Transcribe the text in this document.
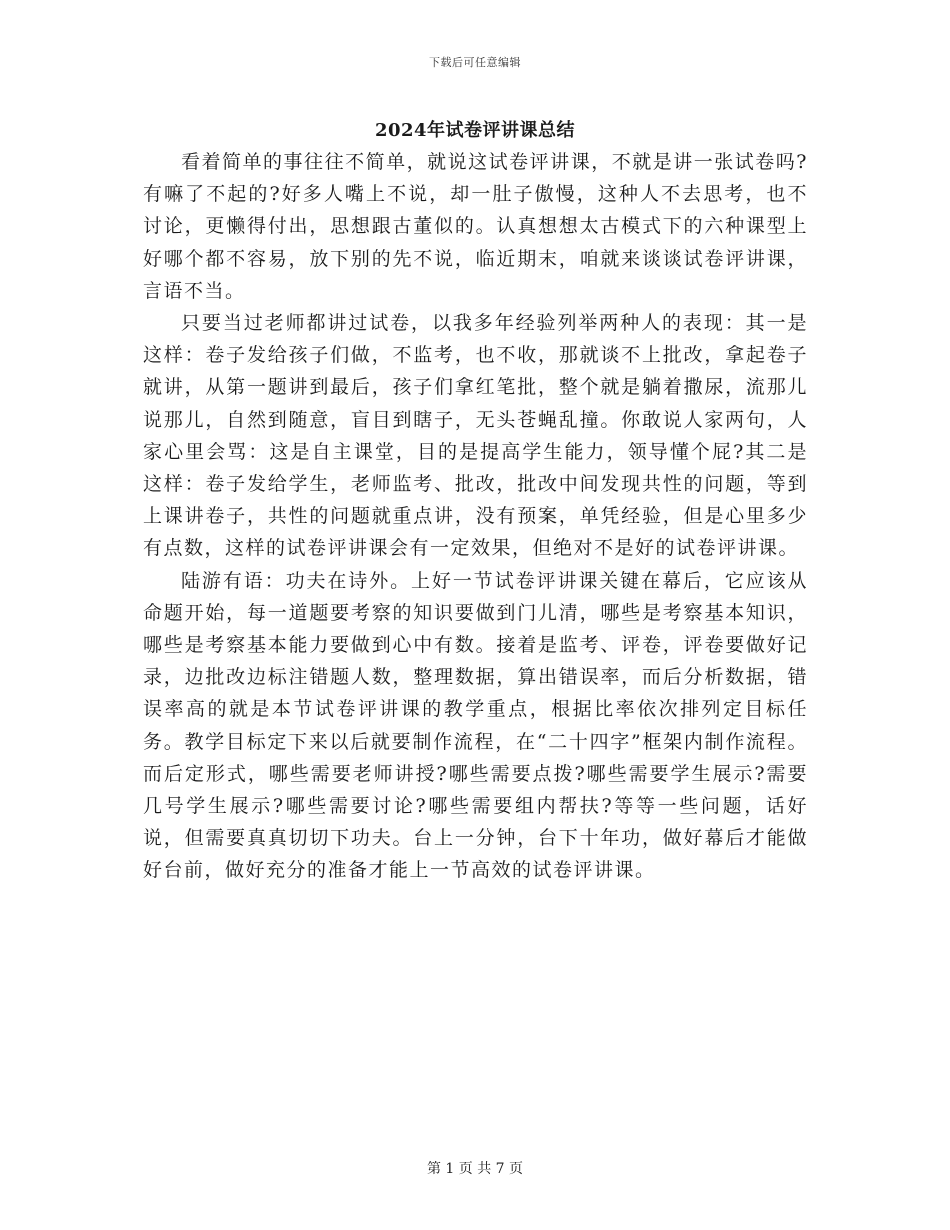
下载后可任意编辑
2024年试卷评讲课总结

看着简单的事往往不简单，就说这试卷评讲课，不就是讲一张试卷吗?有嘛了不起的?好多人嘴上不说，却一肚子傲慢，这种人不去思考，也不讨论，更懒得付出，思想跟古董似的。认真想想太古模式下的六种课型上好哪个都不容易，放下别的先不说，临近期末，咱就来谈谈试卷评讲课，言语不当。

只要当过老师都讲过试卷，以我多年经验列举两种人的表现：其一是这样：卷子发给孩子们做，不监考，也不收，那就谈不上批改，拿起卷子就讲，从第一题讲到最后，孩子们拿红笔批，整个就是躺着撒尿，流那儿说那儿，自然到随意，盲目到瞎子，无头苍蝇乱撞。你敢说人家两句，人家心里会骂：这是自主课堂，目的是提高学生能力，领导懂个屁?其二是这样：卷子发给学生，老师监考、批改，批改中间发现共性的问题，等到上课讲卷子，共性的问题就重点讲，没有预案，单凭经验，但是心里多少有点数，这样的试卷评讲课会有一定效果，但绝对不是好的试卷评讲课。

陆游有语：功夫在诗外。上好一节试卷评讲课关键在幕后，它应该从命题开始，每一道题要考察的知识要做到门儿清，哪些是考察基本知识，哪些是考察基本能力要做到心中有数。接着是监考、评卷，评卷要做好记录，边批改边标注错题人数，整理数据，算出错误率，而后分析数据，错误率高的就是本节试卷评讲课的教学重点，根据比率依次排列定目标任务。教学目标定下来以后就要制作流程，在“二十四字”框架内制作流程。而后定形式，哪些需要老师讲授?哪些需要点拨?哪些需要学生展示?需要几号学生展示?哪些需要讨论?哪些需要组内帮扶?等等一些问题，话好说，但需要真真切切下功夫。台上一分钟，台下十年功，做好幕后才能做好台前，做好充分的准备才能上一节高效的试卷评讲课。

第 1 页 共 7 页
